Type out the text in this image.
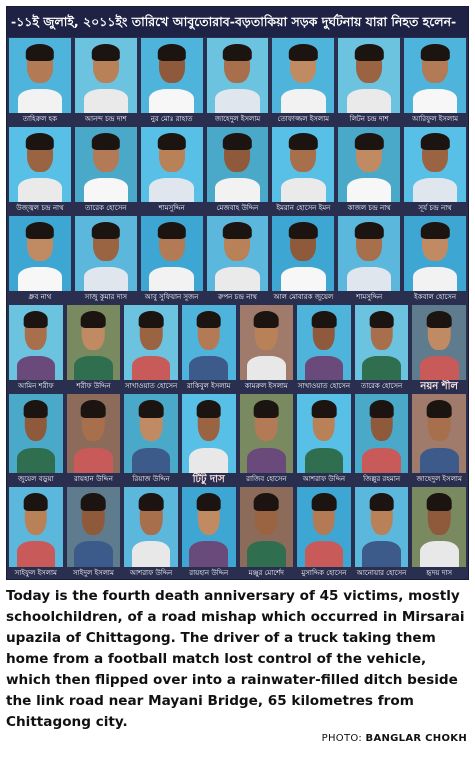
-১১ই জুলাই, ২০১১ইং তারিখে আবুতোরাব-বড়তাকিয়া সড়ক দুর্ঘটনায় যারা নিহত হলেন-
তাহিরুল হক	আনন্দ চন্দ্র দাশ	নুর মোঃ রাহাত	জাহেদুল ইসলাম	তোফাজ্জল ইসলাম	লিটন চন্দ্র দাশ	আরিফুল ইসলাম
উজ্জ্বল চন্দ্র নাথ	তারেক হোসেন	শামসুদ্দিন	মেজবাহ উদ্দিন	ইমরান হোসেন ইমন	কাজল চন্দ্র নাথ	সূর্য চন্দ্র নাথ
ধ্রুব নাথ	সাজু কুমার দাস	আবু সুফিয়ান সুজন	রুপন চন্দ্র নাথ	আল মোবারক জুয়েল	শামসুদ্দিন	ইকবাল হোসেন
আমিন শরীফ	শরীফ উদ্দিন	সাখাওয়াত হোসেন	রাকিবুল ইসলাম	কামরুল ইসলাম	সাখাওয়াত হোসেন	তারেক হোসেন	নয়ন শীল
জুয়েল বড়ুয়া	রায়হান উদ্দিন	রিয়াজ উদ্দিন	টিটু দাস	রাজিব হোসেন	আশরাফ উদ্দিন	জিল্লুর রহমান	জাহেদুল ইসলাম
সাইফুল ইসলাম	সাইদুল ইসলাম	আশরাফ উদ্দিন	রায়হান উদ্দিন	মঞ্জুর মোর্শেদ	মুসাদ্দিক হোসেন	আনোয়ার হোসেন	হৃদয় দাস
Today is the fourth death anniversary of 45 victims, mostly schoolchildren, of a road mishap which occurred in Mirsarai upazila of Chittagong. The driver of a truck taking them home from a football match lost control of the vehicle, which then flipped over into a rainwater-filled ditch beside the link road near Mayani Bridge, 65 kilometres from Chittagong city.
PHOTO: BANGLAR CHOKH
